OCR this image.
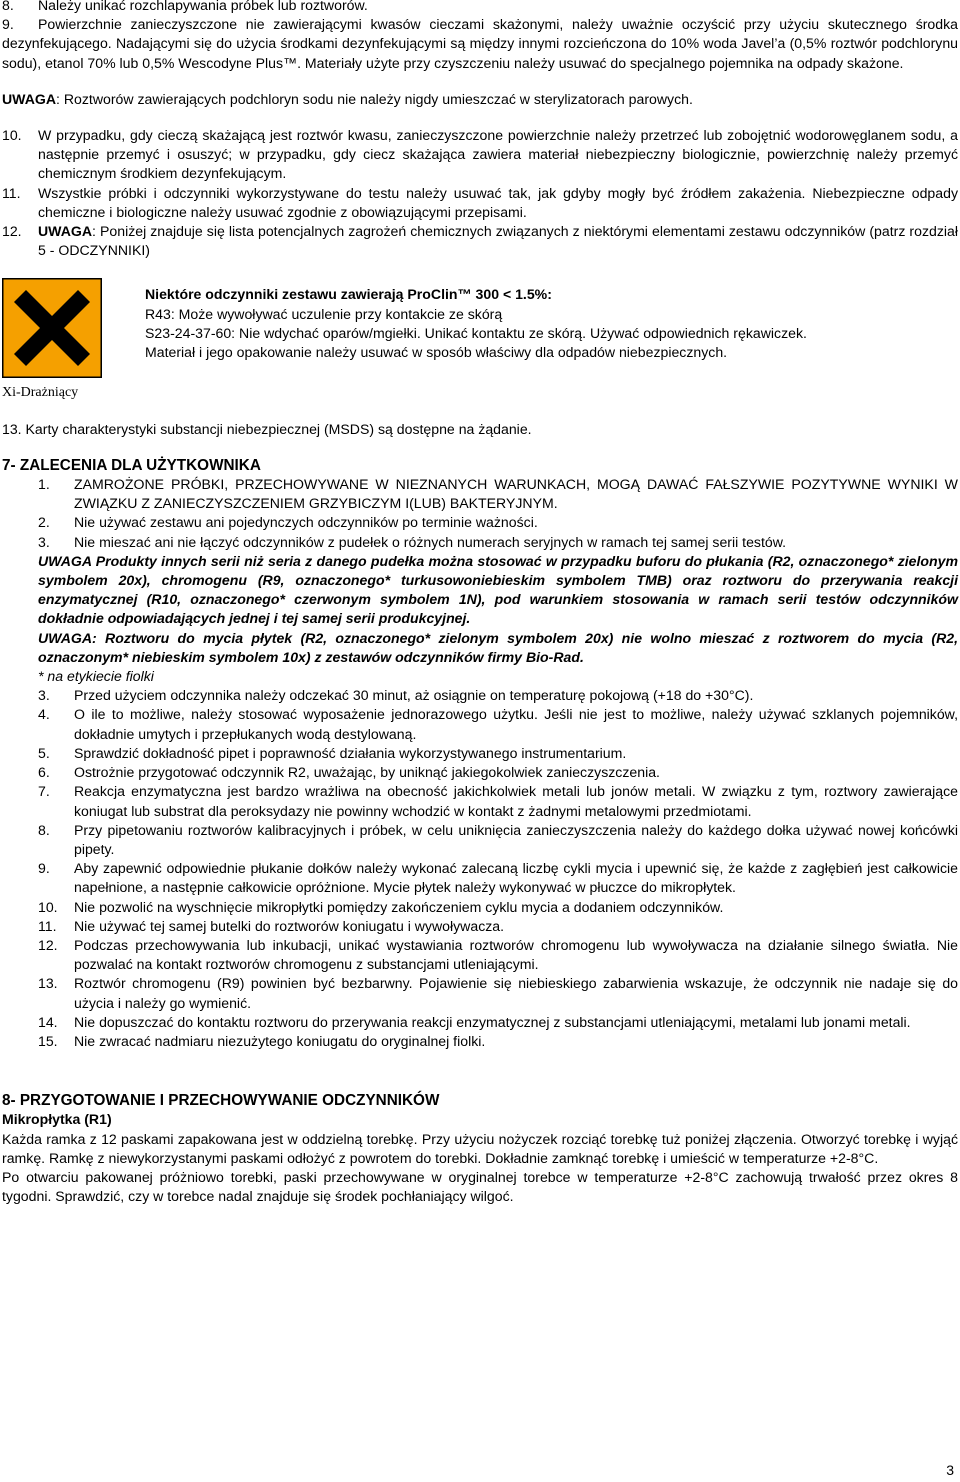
8.	Należy unikać rozchlapywania próbek lub roztworów.
9.	Powierzchnie zanieczyszczone nie zawierającymi kwasów cieczami skażonymi, należy uważnie oczyścić przy użyciu skutecznego środka dezynfekującego. Nadającymi się do użycia środkami dezynfekującymi są między innymi rozcieńczona do 10% woda Javel’a (0,5% roztwór podchlorynu sodu), etanol 70% lub 0,5% Wescodyne Plus™. Materiały użyte przy czyszczeniu należy usuwać do specjalnego pojemnika na odpady skażone.

UWAGA: Roztworów zawierających podchloryn sodu nie należy nigdy umieszczać w sterylizatorach parowych.

10.	W przypadku, gdy cieczą skażającą jest roztwór kwasu, zanieczyszczone powierzchnie należy przetrzeć lub zobojętnić wodorowęglanem sodu, a następnie przemyć i osuszyć; w przypadku, gdy ciecz skażająca zawiera materiał niebezpieczny biologicznie, powierzchnię należy przemyć chemicznym środkiem dezynfekującym.
11.	Wszystkie próbki i odczynniki wykorzystywane do testu należy usuwać tak, jak gdyby mogły być źródłem zakażenia. Niebezpieczne odpady chemiczne i biologiczne należy usuwać zgodnie z obowiązującymi przepisami.
12.	UWAGA: Poniżej znajduje się lista potencjalnych zagrożeń chemicznych związanych z niektórymi elementami zestawu odczynników (patrz rozdział 5 - ODCZYNNIKI)
Xi-Drażniący

Niektóre odczynniki zestawu zawierają ProClin™ 300 < 1.5%:

R43: Może wywoływać uczulenie przy kontakcie ze skórą

S23-24-37-60: Nie wdychać oparów/mgiełki. Unikać kontaktu ze skórą. Używać odpowiednich rękawiczek.

Materiał i jego opakowanie należy usuwać w sposób właściwy dla odpadów niebezpiecznych.

13. Karty charakterystyki substancji niebezpiecznej (MSDS) są dostępne na żądanie.

7- ZALECENIA DLA UŻYTKOWNIKA

1.	ZAMROŻONE PRÓBKI, PRZECHOWYWANE W NIEZNANYCH WARUNKACH, MOGĄ DAWAĆ FAŁSZYWIE POZYTYWNE WYNIKI W ZWIĄZKU Z ZANIECZYSZCZENIEM GRZYBICZYM I(LUB) BAKTERYJNYM.
2.	Nie używać zestawu ani pojedynczych odczynników po terminie ważności.
3.	Nie mieszać ani nie łączyć odczynników z pudełek o różnych numerach seryjnych w ramach tej samej serii testów.

UWAGA Produkty innych serii niż seria z danego pudełka można stosować w przypadku buforu do płukania (R2, oznaczonego* zielonym symbolem 20x), chromogenu (R9, oznaczonego* turkusowoniebieskim symbolem TMB) oraz roztworu do przerywania reakcji enzymatycznej (R10, oznaczonego* czerwonym symbolem 1N), pod warunkiem stosowania w ramach serii testów odczynników dokładnie odpowiadających jednej i tej samej serii produkcyjnej.

UWAGA: Roztworu do mycia płytek (R2, oznaczonego* zielonym symbolem 20x) nie wolno mieszać z roztworem do mycia (R2, oznaczonym* niebieskim symbolem 10x) z zestawów odczynników firmy Bio-Rad.

* na etykiecie fiolki

3.	Przed użyciem odczynnika należy odczekać 30 minut, aż osiągnie on temperaturę pokojową (+18 do +30°C).
4.	O ile to możliwe, należy stosować wyposażenie jednorazowego użytku. Jeśli nie jest to możliwe, należy używać szklanych pojemników, dokładnie umytych i przepłukanych wodą destylowaną.
5.	Sprawdzić dokładność pipet i poprawność działania wykorzystywanego instrumentarium.
6.	Ostrożnie przygotować odczynnik R2, uważając, by uniknąć jakiegokolwiek zanieczyszczenia.
7.	Reakcja enzymatyczna jest bardzo wrażliwa na obecność jakichkolwiek metali lub jonów metali. W związku z tym, roztwory zawierające koniugat lub substrat dla peroksydazy nie powinny wchodzić w kontakt z żadnymi metalowymi przedmiotami.
8.	Przy pipetowaniu roztworów kalibracyjnych i próbek, w celu uniknięcia zanieczyszczenia należy do każdego dołka używać nowej końcówki pipety.
9.	Aby zapewnić odpowiednie płukanie dołków należy wykonać zalecaną liczbę cykli mycia i upewnić się, że każde z zagłębień jest całkowicie napełnione, a następnie całkowicie opróżnione. Mycie płytek należy wykonywać w płuczce do mikropłytek.
10.	Nie pozwolić na wyschnięcie mikropłytki pomiędzy zakończeniem cyklu mycia a dodaniem odczynników.
11.	Nie używać tej samej butelki do roztworów koniugatu i wywoływacza.
12.	Podczas przechowywania lub inkubacji, unikać wystawiania roztworów chromogenu lub wywoływacza na działanie silnego światła. Nie pozwalać na kontakt roztworów chromogenu z substancjami utleniającymi.
13.	Roztwór chromogenu (R9) powinien być bezbarwny. Pojawienie się niebieskiego zabarwienia wskazuje, że odczynnik nie nadaje się do użycia i należy go wymienić.
14.	Nie dopuszczać do kontaktu roztworu do przerywania reakcji enzymatycznej z substancjami utleniającymi, metalami lub jonami metali.
15.	Nie zwracać nadmiaru niezużytego koniugatu do oryginalnej fiolki.

8- PRZYGOTOWANIE I PRZECHOWYWANIE ODCZYNNIKÓW

Mikropłytka (R1)

Każda ramka z 12 paskami zapakowana jest w oddzielną torebkę. Przy użyciu nożyczek rozciąć torebkę tuż poniżej złączenia. Otworzyć torebkę i wyjąć ramkę. Ramkę z niewykorzystanymi paskami odłożyć z powrotem do torebki. Dokładnie zamknąć torebkę i umieścić w temperaturze +2-8°C.

Po otwarciu pakowanej próżniowo torebki, paski przechowywane w oryginalnej torebce w temperaturze +2-8°C zachowują trwałość przez okres 8 tygodni. Sprawdzić, czy w torebce nadal znajduje się środek pochłaniający wilgoć.

3
